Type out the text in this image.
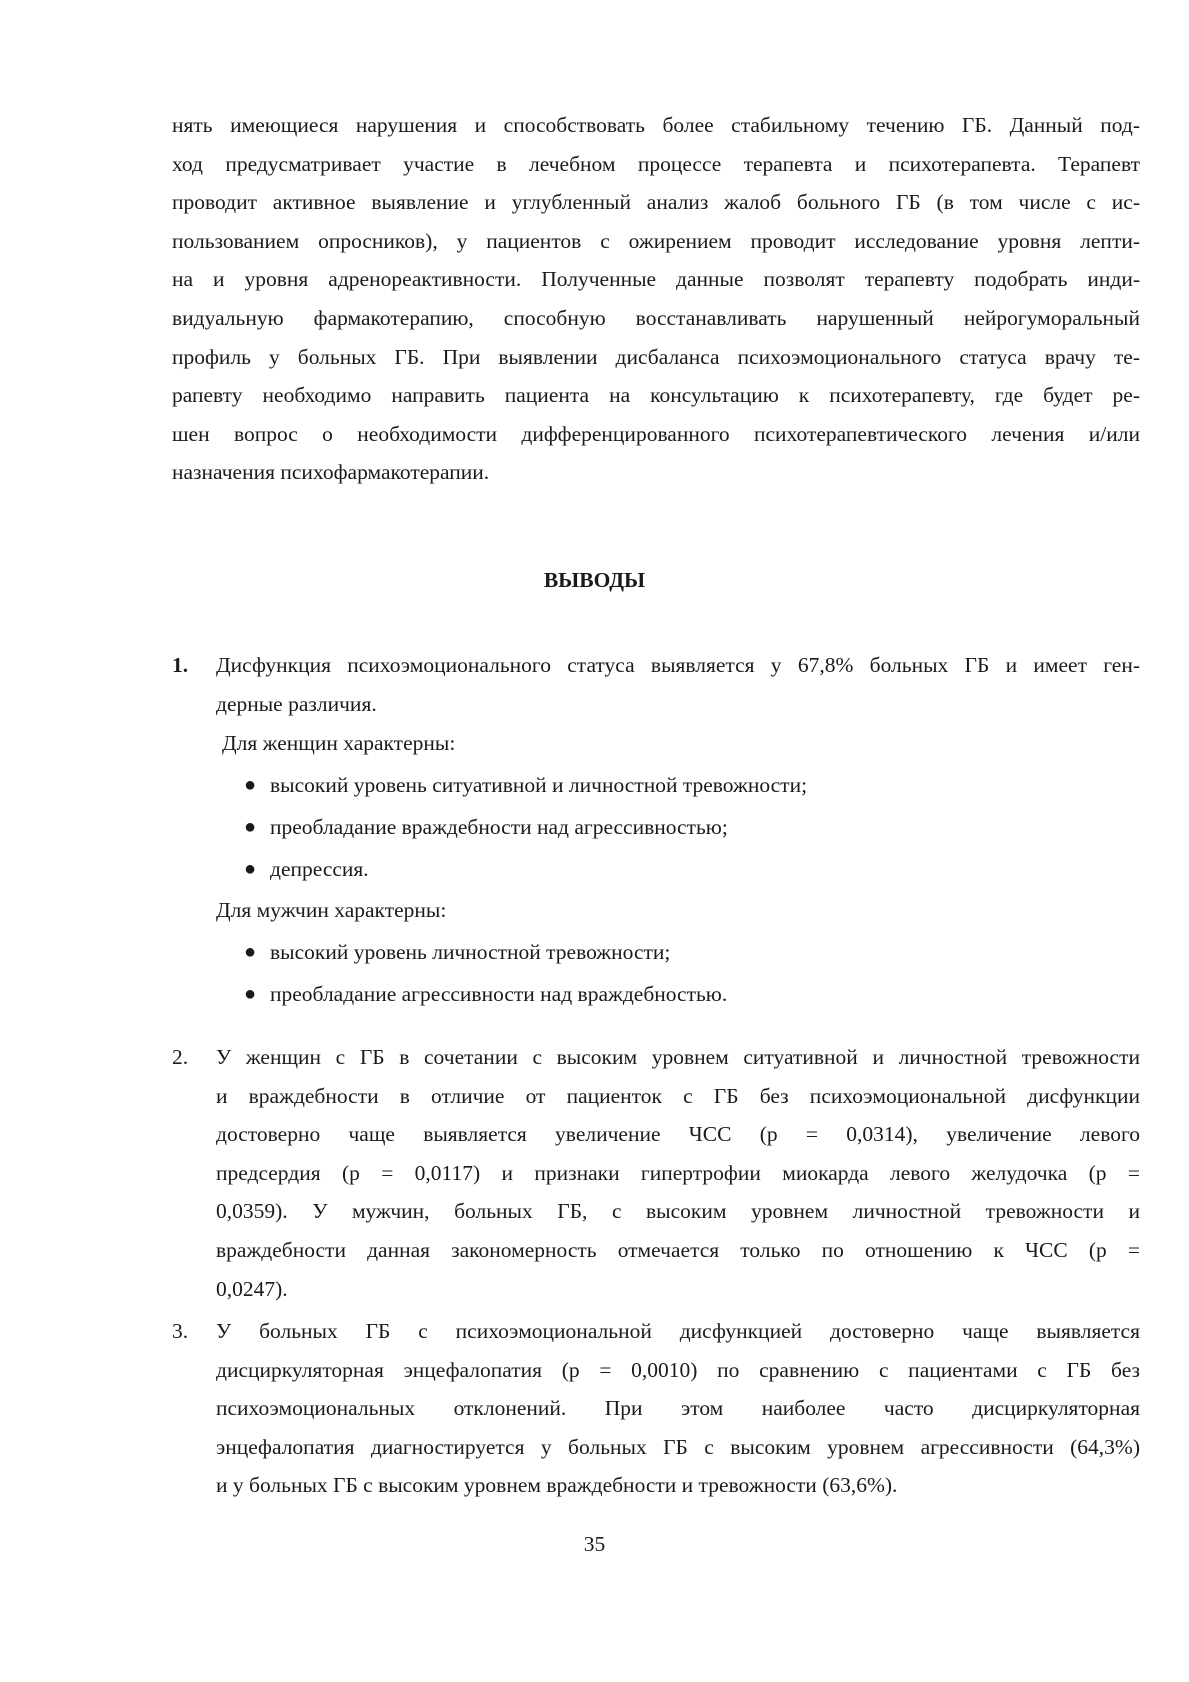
нять имеющиеся нарушения и способствовать более стабильному течению ГБ. Данный под-
ход предусматривает участие в лечебном процессе терапевта и психотерапевта. Терапевт
проводит активное выявление и углубленный анализ жалоб больного ГБ (в том числе с ис-
пользованием опросников), у пациентов с ожирением проводит исследование уровня лепти-
на и уровня адренореактивности. Полученные данные позволят терапевту подобрать инди-
видуальную фармакотерапию, способную восстанавливать нарушенный нейрогуморальный
профиль у больных ГБ. При выявлении дисбаланса психоэмоционального статуса врачу те-
рапевту необходимо направить пациента на консультацию к психотерапевту, где будет ре-
шен вопрос о необходимости дифференцированного психотерапевтического лечения и/или
назначения психофармакотерапии.
ВЫВОДЫ
1.	Дисфункция психоэмоционального статуса выявляется у 67,8% больных ГБ и имеет ген-
дерные различия.
Для женщин характерны:
● высокий уровень ситуативной и личностной тревожности;
● преобладание враждебности над агрессивностью;
● депрессия.
Для мужчин характерны:
● высокий уровень личностной тревожности;
● преобладание агрессивности над враждебностью.
2.	У женщин с ГБ в сочетании с высоким уровнем ситуативной и личностной тревожности
и враждебности в отличие от пациенток с ГБ без психоэмоциональной дисфункции
достоверно чаще выявляется увеличение ЧСС (р = 0,0314), увеличение левого
предсердия (р = 0,0117) и признаки гипертрофии миокарда левого желудочка (р =
0,0359). У мужчин, больных ГБ, с высоким уровнем личностной тревожности и
враждебности данная закономерность отмечается только по отношению к ЧСС (р =
0,0247).
3.	У больных ГБ с психоэмоциональной дисфункцией достоверно чаще выявляется
дисциркуляторная энцефалопатия (р = 0,0010) по сравнению с пациентами с ГБ без
психоэмоциональных отклонений. При этом наиболее часто дисциркуляторная
энцефалопатия диагностируется у больных ГБ с высоким уровнем агрессивности (64,3%)
и у больных ГБ с высоким уровнем враждебности и тревожности (63,6%).
35
